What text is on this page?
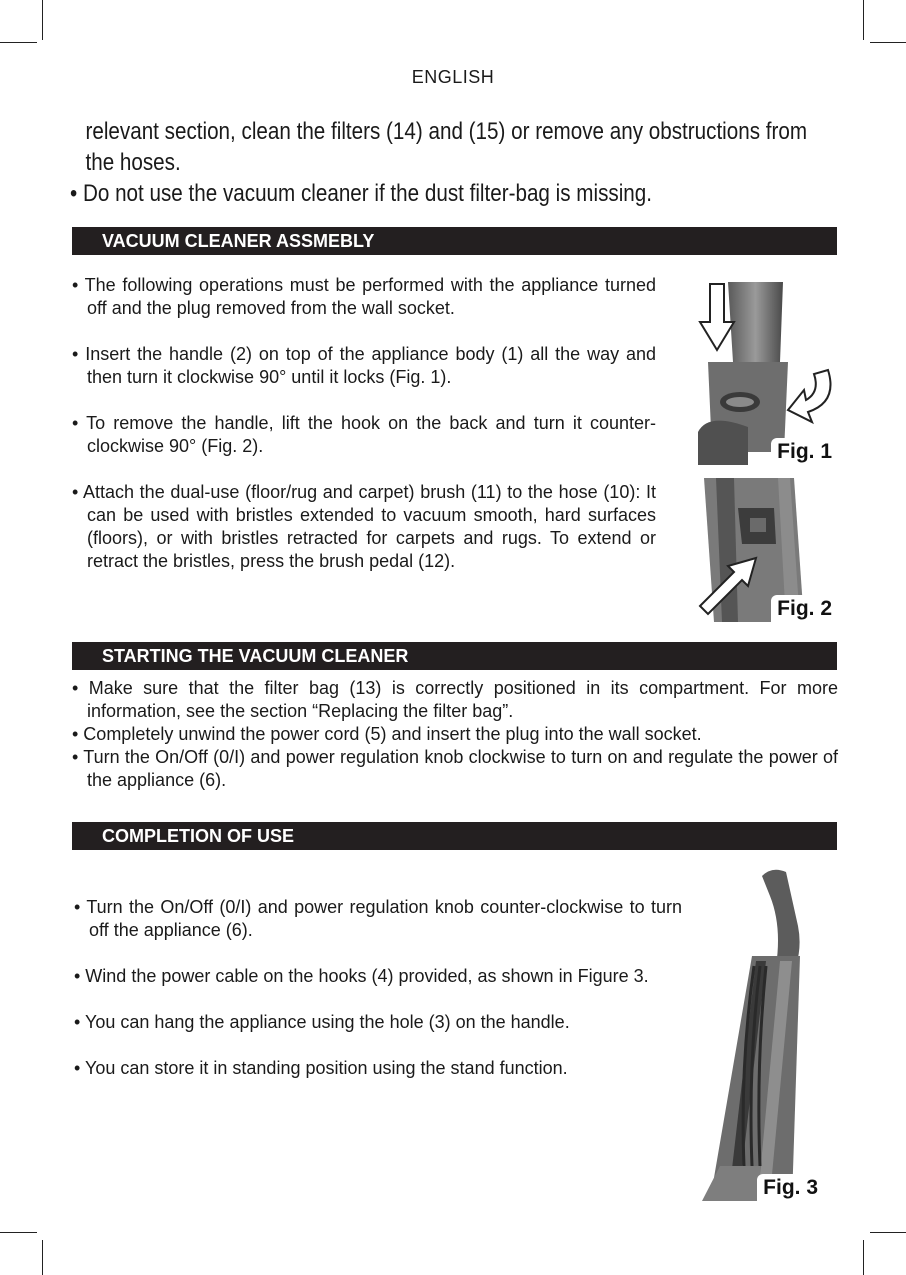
ENGLISH
relevant section, clean the filters (14) and (15) or remove any obstructions from
the hoses.
• Do not use the vacuum cleaner if the dust filter-bag is missing.
VACUUM CLEANER ASSMEBLY

• The following operations must be performed with the appliance turned off and the plug removed from the wall socket.

• Insert the handle (2) on top of the appliance body (1) all the way and then turn it clockwise 90° until it locks (Fig. 1).

• To remove the handle, lift the hook on the back and turn it counter-clockwise 90° (Fig. 2).

• Attach the dual-use (floor/rug and carpet) brush (11) to the hose (10): It can be used with bristles extended to vacuum smooth, hard surfaces (floors), or with bristles retracted for carpets and rugs. To extend or retract the bristles, press the brush pedal (12).

Fig. 1
Fig. 2
STARTING THE VACUUM CLEANER

• Make sure that the filter bag (13) is correctly positioned in its compartment. For more information, see the section “Replacing the filter bag”.

• Completely unwind the power cord (5) and insert the plug into the wall socket.

• Turn the On/Off (0/I) and power regulation knob clockwise to turn on and regulate the power of the appliance (6).

COMPLETION OF USE

• Turn the On/Off (0/I) and power regulation knob counter-clockwise to turn off the appliance (6).

• Wind the power cable on the hooks (4) provided, as shown in Figure 3.

• You can hang the appliance using the hole (3) on the handle.

• You can store it in standing position using the stand function.

Fig. 3
